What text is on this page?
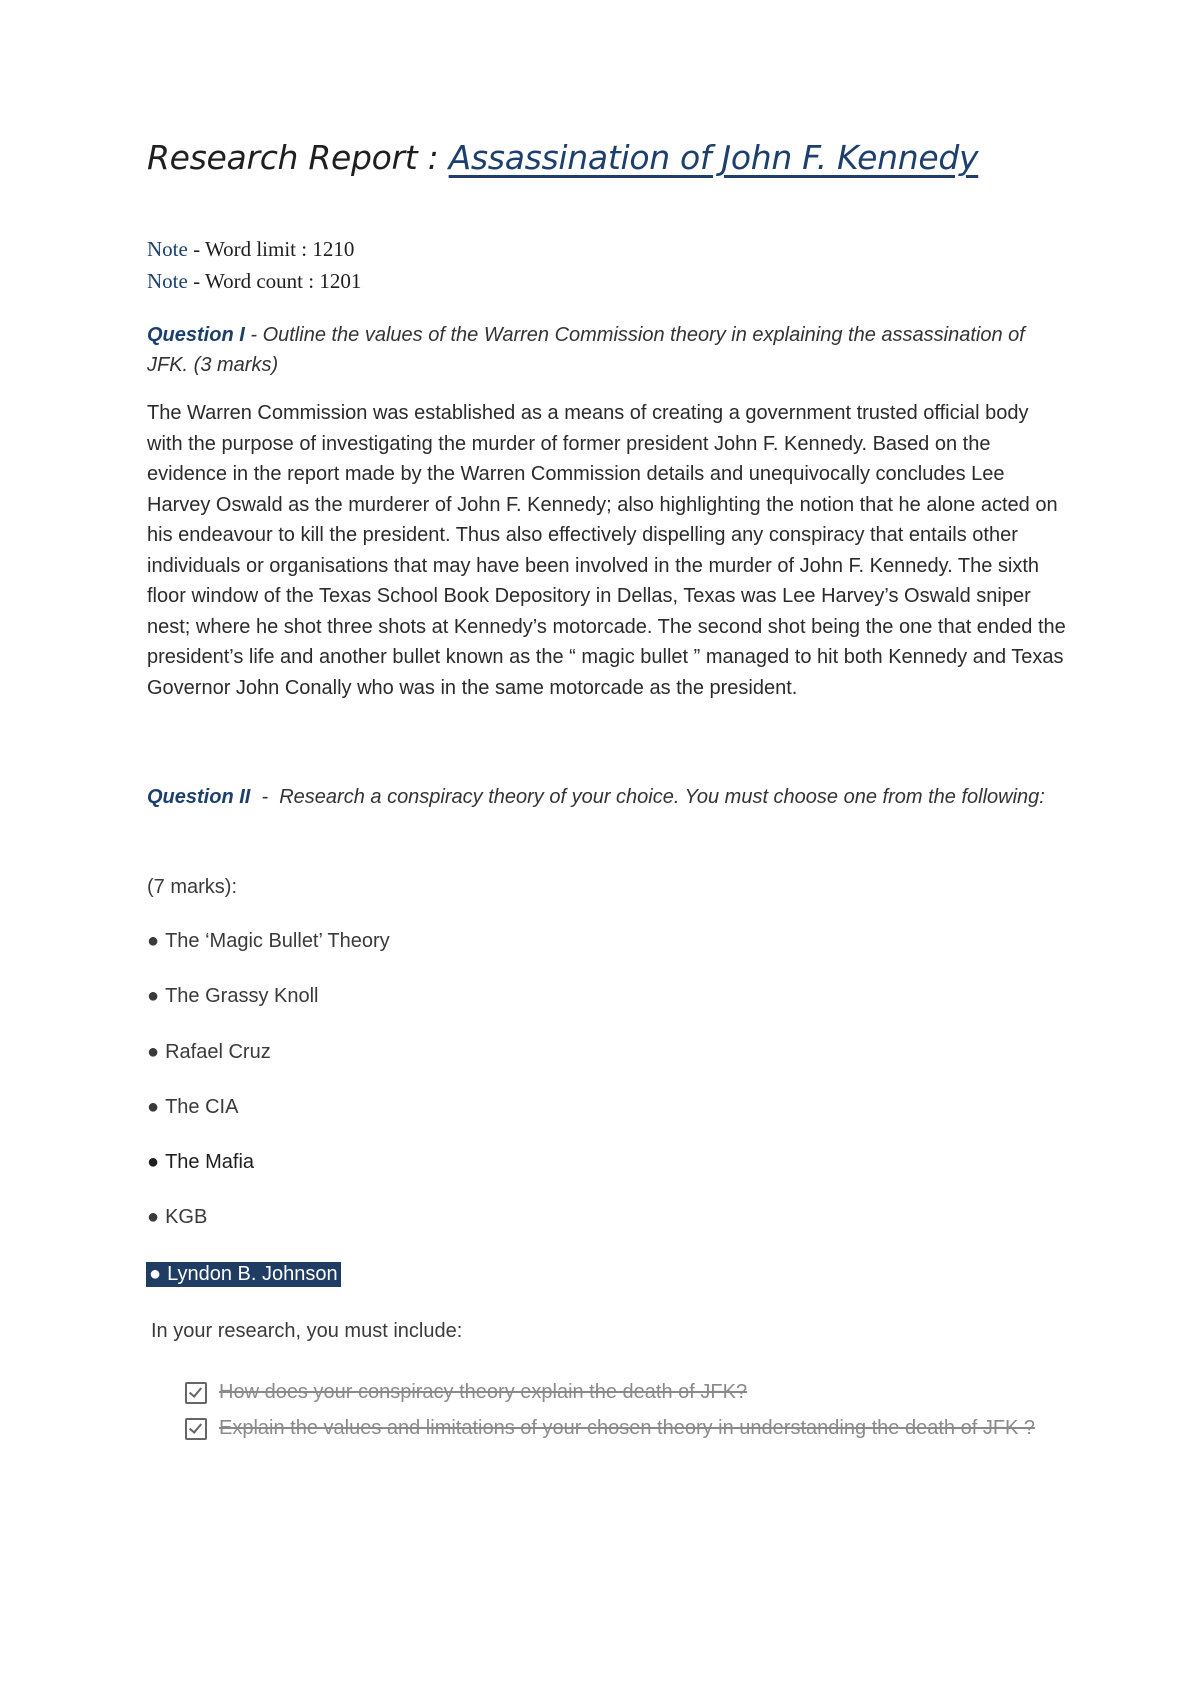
Research Report : Assassination of John F. Kennedy
Note - Word limit : 1210
Note - Word count : 1201
Question I - Outline the values of the Warren Commission theory in explaining the assassination of JFK. (3 marks)
The Warren Commission was established as a means of creating a government trusted official body with the purpose of investigating the murder of former president John F. Kennedy. Based on the evidence in the report made by the Warren Commission details and unequivocally concludes Lee Harvey Oswald as the murderer of John F. Kennedy; also highlighting the notion that he alone acted on his endeavour to kill the president. Thus also effectively dispelling any conspiracy that entails other individuals or organisations that may have been involved in the murder of John F. Kennedy. The sixth floor window of the Texas School Book Depository in Dellas, Texas was Lee Harvey’s Oswald sniper nest; where he shot three shots at Kennedy’s motorcade. The second shot being the one that ended the president’s life and another bullet known as the “ magic bullet ” managed to hit both Kennedy and Texas Governor John Conally who was in the same motorcade as the president.
Question II  -  Research a conspiracy theory of your choice. You must choose one from the following:
(7 marks):
● The ‘Magic Bullet’ Theory
● The Grassy Knoll
● Rafael Cruz
● The CIA
● The Mafia
● KGB
● Lyndon B. Johnson
In your research, you must include:
How does your conspiracy theory explain the death of JFK?
Explain the values and limitations of your chosen theory in understanding the death of JFK ?
